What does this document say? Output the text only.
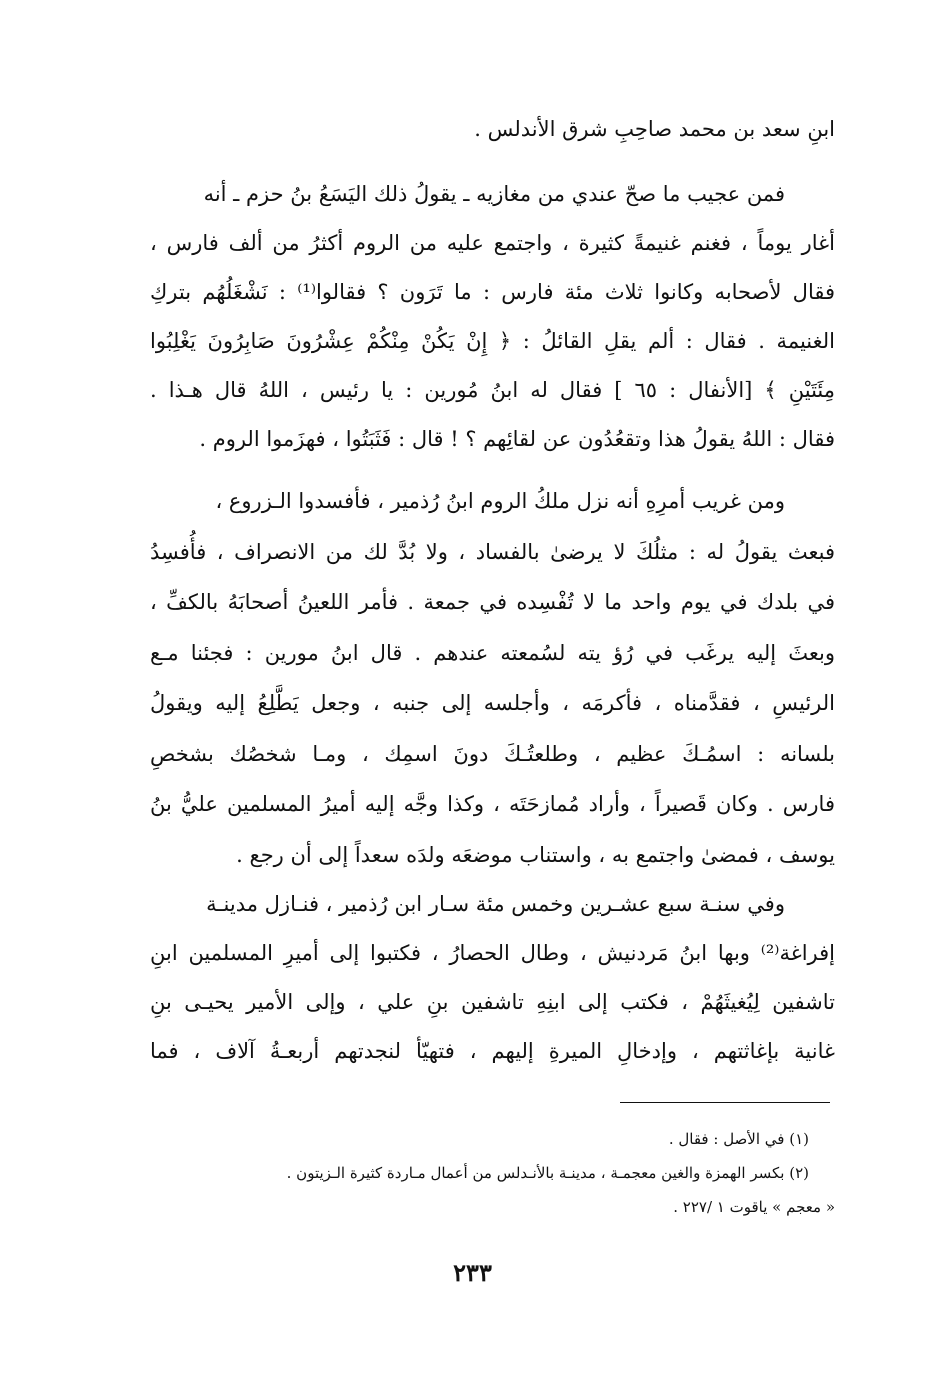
ابنِ سعد بن محمد صاحِبِ شرق الأندلس .
فمن عجيب ما صحّ عندي من مغازيه ـ يقولُ ذلك اليَسَعُ بنُ حزم ـ أنه
أغار يوماً ، فغنم غنيمةً كثيرة ، واجتمع عليه من الروم أكثرُ من ألف فارس ،
فقال لأصحابه وكانوا ثلاث مئة فارس : ما تَرَون ؟ فقالوا⁽¹⁾ : نَشْغَلُهُم بتركِ
الغنيمة . فقال : ألم يقلِ القائلُ : ﴿ إِنْ يَكُنْ مِنْكُمْ عِشْرُونَ صَابِرُونَ يَغْلِبُوا
مِئَتَيْنِ ﴾ [الأنفال : ٦٥ ] فقال له ابنُ مُورين : يا رئيس ، اللهُ قال هـذا .
فقال : اللهُ يقولُ هذا وتقعُدُون عن لقائِهم ؟ ! قال : فَثَبَتُوا ، فهزَموا الروم .
ومن غريب أمرِهِ أنه نزل ملكُ الروم ابنُ رُذمير ، فأفسدوا الـزروع ،
فبعث يقولُ له : مثلُكَ لا يرضىٰ بالفساد ، ولا بُدَّ لك من الانصراف ، فأُفسِدُ
في بلدك في يوم واحد ما لا تُفْسِده في جمعة . فأمر اللعينُ أصحابَهُ بالكفِّ ،
وبعثَ إليه يرغَب في رُؤ يته لسُمعته عندهم . قال ابنُ مورين : فجئنا مـع
الرئيسِ ، فقدَّمناه ، فأكرمَه ، وأجلسه إلى جنبه ، وجعل يَطَّلِعُ إليه ويقولُ
بلسانه : اسمُـكَ عظيم ، وطلعتُـكَ دونَ اسمِك ، ومـا شخصُك بشخصِ
فارس . وكان قَصيراً ، وأراد مُمازحَتَه ، وكذا وجَّه إليه أميرُ المسلمين عليُّ بنُ
يوسف ، فمضىٰ واجتمع به ، واستناب موضعَه ولدَه سعداً إلى أن رجع .
وفي سنـة سبع عشـرين وخمس مئة سـار ابن رُذمير ، فنـازل مدينـة
إفراغة⁽²⁾ وبها ابنُ مَردنيش ، وطال الحصارُ ، فكتبوا إلى أميرِ المسلمين ابنِ
تاشفين لِيُغيثَهُمْ ، فكتب إلى ابنِهِ تاشفين بنِ علي ، وإلى الأمير يحيـى بنِ
غانية بإغاثتهم ، وإدخالِ الميرةِ إليهم ، فتهيّأ لنجدتهم أربعـةُ آلاف ، فما
(١) في الأصل : فقال .
(٢) بكسر الهمزة والغين معجمـة ، مدينـة بالأنـدلس من أعمال مـاردة كثيرة الـزيتون .
« معجم » ياقوت ١ /٢٢٧ .
٢٣٣
